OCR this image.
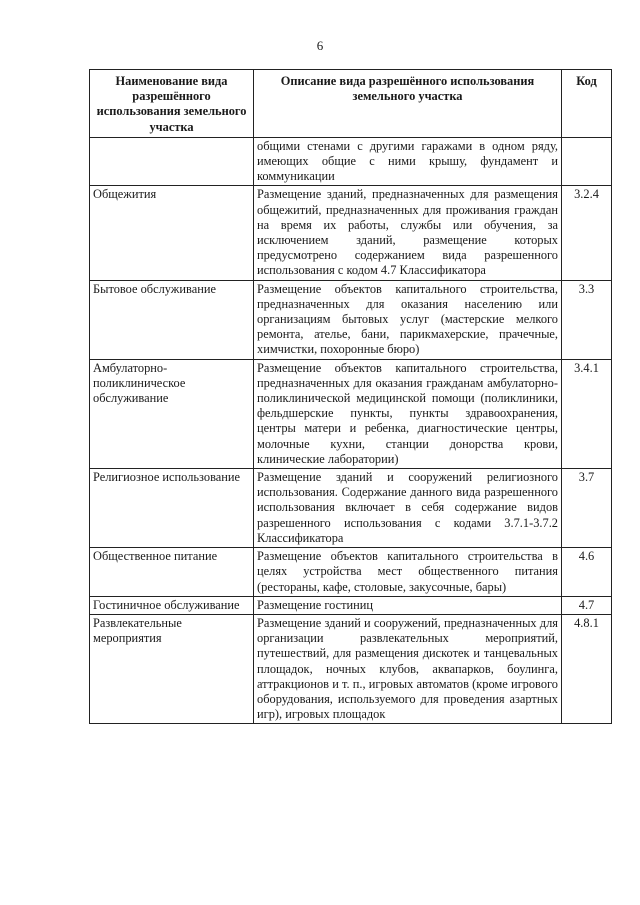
6
Наименование вида разрешённого использования земельного участка	Описание вида разрешённого использования земельного участка	Код
	общими стенами с другими гаражами в одном ряду, имеющих общие с ними крышу, фундамент и коммуникации	
Общежития	Размещение зданий, предназначенных для размещения общежитий, предназначенных для проживания граждан на время их работы, службы или обучения, за исключением зданий, размещение которых предусмотрено содержанием вида разрешенного использования с кодом 4.7 Классификатора	3.2.4
Бытовое обслуживание	Размещение объектов капитального строительства, предназначенных для оказания населению или организациям бытовых услуг (мастерские мелкого ремонта, ателье, бани, парикмахерские, прачечные, химчистки, похоронные бюро)	3.3
Амбулаторно-поликлиническое обслуживание	Размещение объектов капитального строительства, предназначенных для оказания гражданам амбулаторно-поликлинической медицинской помощи (поликлиники, фельдшерские пункты, пункты здравоохранения, центры матери и ребенка, диагностические центры, молочные кухни, станции донорства крови, клинические лаборатории)	3.4.1
Религиозное использование	Размещение зданий и сооружений религиозного использования. Содержание данного вида разрешенного использования включает в себя содержание видов разрешенного использования с кодами 3.7.1-3.7.2 Классификатора	3.7
Общественное питание	Размещение объектов капитального строительства в целях устройства мест общественного питания (рестораны, кафе, столовые, закусочные, бары)	4.6
Гостиничное обслуживание	Размещение гостиниц	4.7
Развлекательные мероприятия	Размещение зданий и сооружений, предназначенных для организации развлекательных мероприятий, путешествий, для размещения дискотек и танцевальных площадок, ночных клубов, аквапарков, боулинга, аттракционов и т. п., игровых автоматов (кроме игрового оборудования, используемого для проведения азартных игр), игровых площадок	4.8.1
